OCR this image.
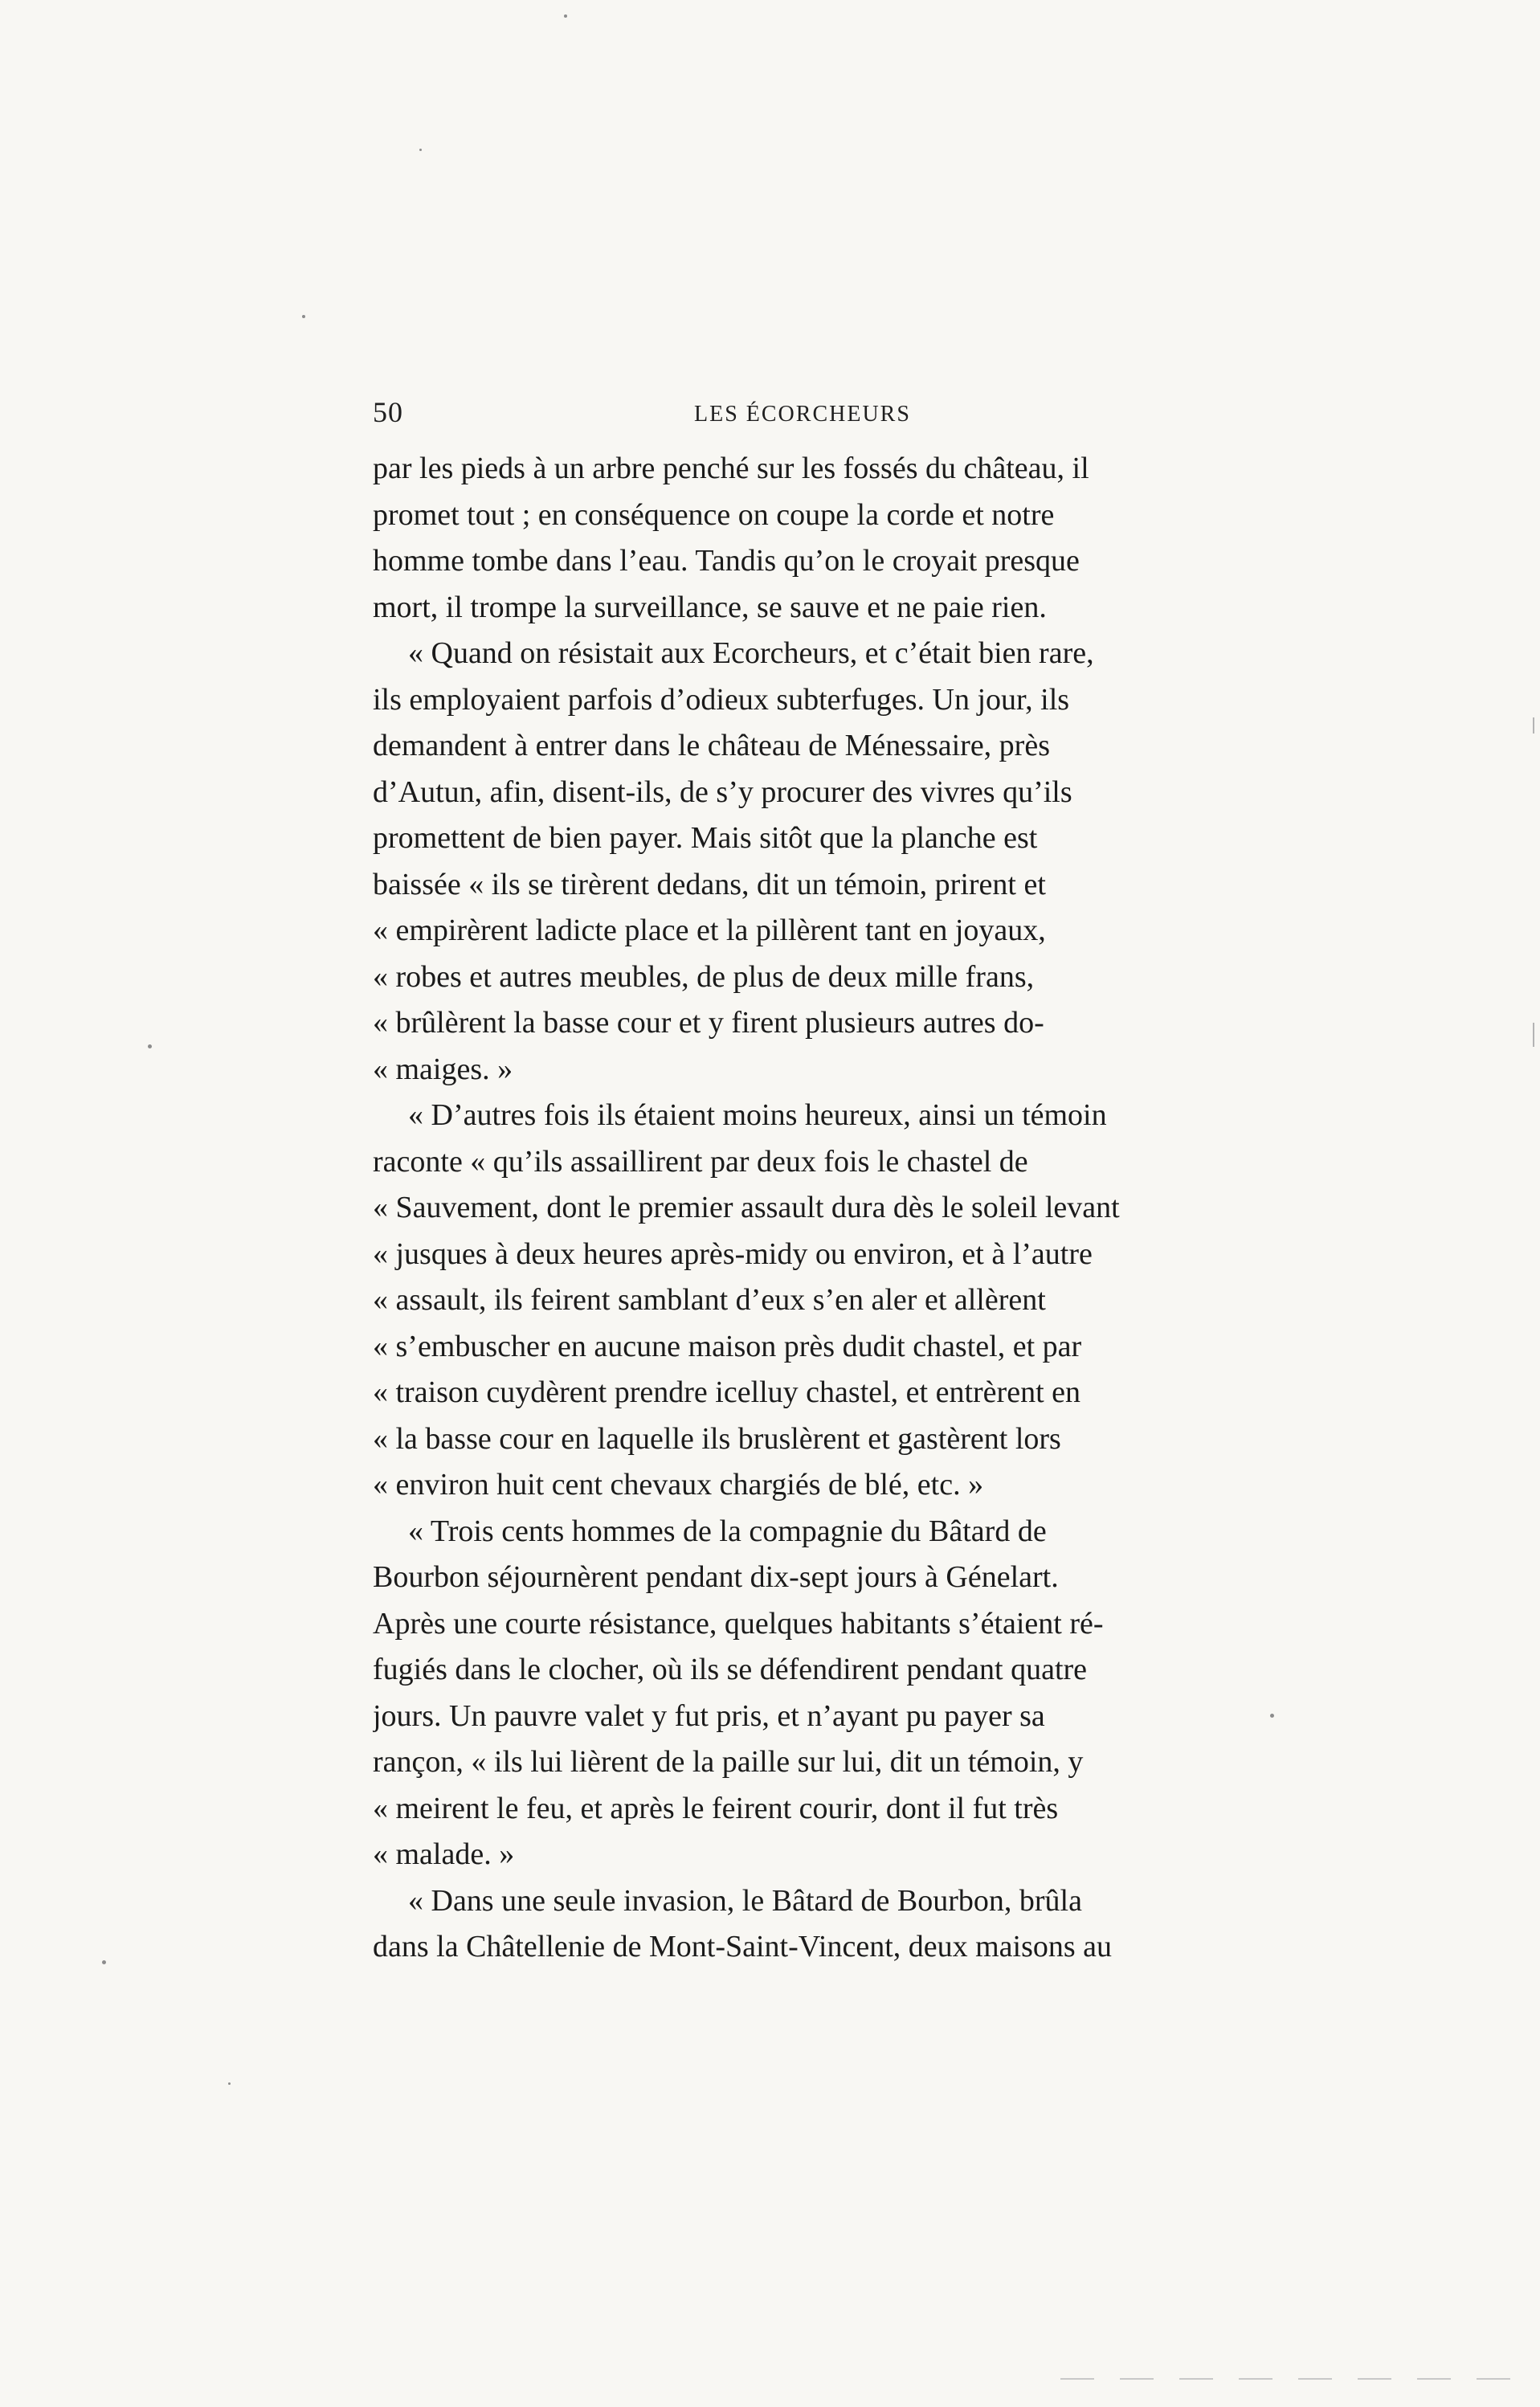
50	LES ÉCORCHEURS
par les pieds à un arbre penché sur les fossés du château, il
promet tout ; en conséquence on coupe la corde et notre
homme tombe dans l’eau. Tandis qu’on le croyait presque
mort, il trompe la surveillance, se sauve et ne paie rien.
« Quand on résistait aux Ecorcheurs, et c’était bien rare,
ils employaient parfois d’odieux subterfuges. Un jour, ils
demandent à entrer dans le château de Ménessaire, près
d’Autun, afin, disent-ils, de s’y procurer des vivres qu’ils
promettent de bien payer. Mais sitôt que la planche est
baissée « ils se tirèrent dedans, dit un témoin, prirent et
« empirèrent ladicte place et la pillèrent tant en joyaux,
« robes et autres meubles, de plus de deux mille frans,
« brûlèrent la basse cour et y firent plusieurs autres do-
« maiges. »
« D’autres fois ils étaient moins heureux, ainsi un témoin
raconte « qu’ils assaillirent par deux fois le chastel de
« Sauvement, dont le premier assault dura dès le soleil levant
« jusques à deux heures après-midy ou environ, et à l’autre
« assault, ils feirent samblant d’eux s’en aler et allèrent
« s’embuscher en aucune maison près dudit chastel, et par
« traison cuydèrent prendre icelluy chastel, et entrèrent en
« la basse cour en laquelle ils bruslèrent et gastèrent lors
« environ huit cent chevaux chargiés de blé, etc. »
« Trois cents hommes de la compagnie du Bâtard de
Bourbon séjournèrent pendant dix-sept jours à Génelart.
Après une courte résistance, quelques habitants s’étaient ré-
fugiés dans le clocher, où ils se défendirent pendant quatre
jours. Un pauvre valet y fut pris, et n’ayant pu payer sa
rançon, « ils lui lièrent de la paille sur lui, dit un témoin, y
« meirent le feu, et après le feirent courir, dont il fut très
« malade. »
« Dans une seule invasion, le Bâtard de Bourbon, brûla
dans la Châtellenie de Mont-Saint-Vincent, deux maisons au
